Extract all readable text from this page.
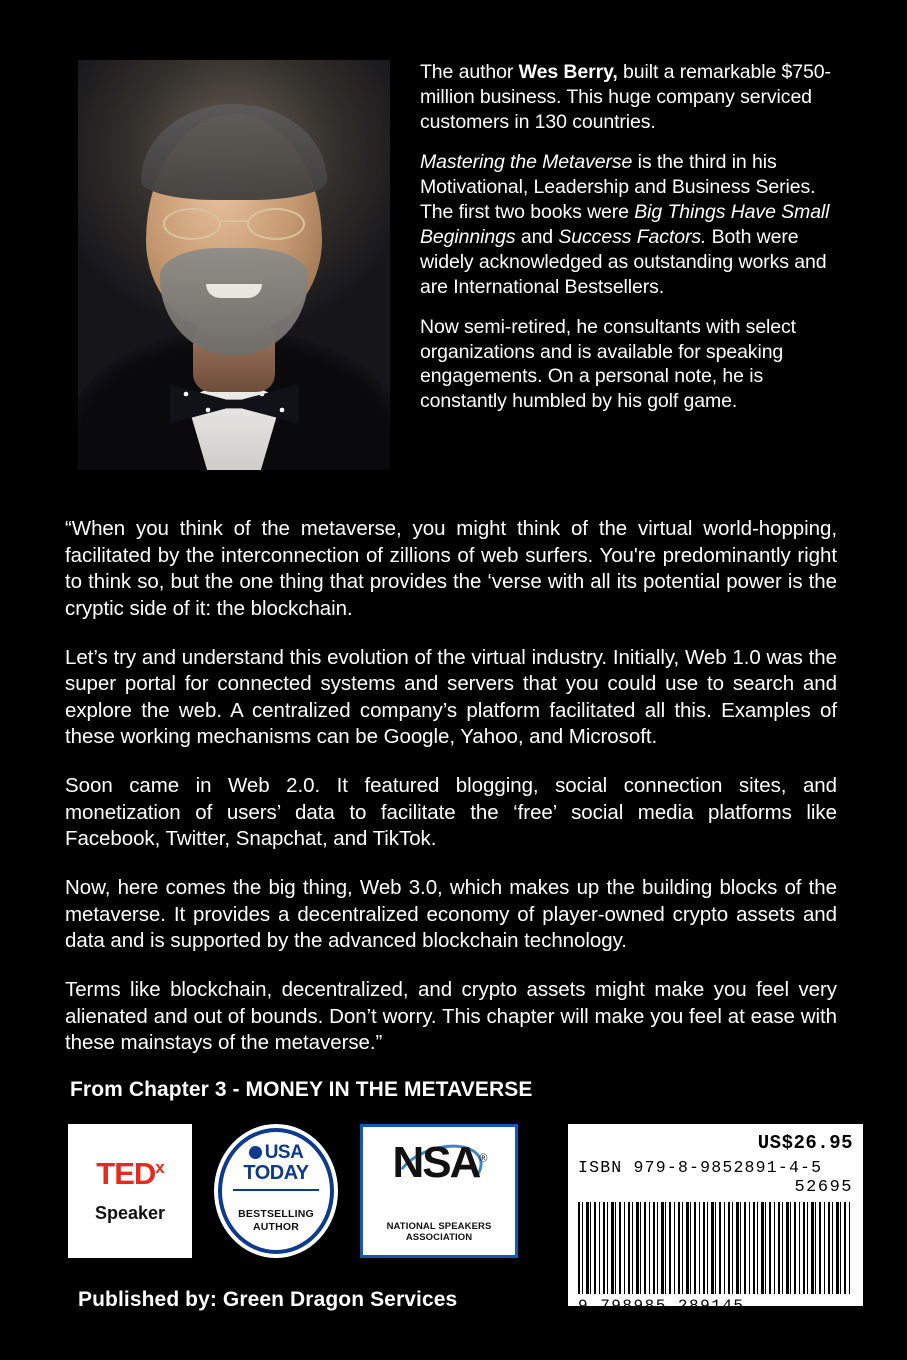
The author Wes Berry, built a remarkable $750-million business. This huge company serviced customers in 130 countries.

Mastering the Metaverse is the third in his Motivational, Leadership and Business Series. The first two books were Big Things Have Small Beginnings and Success Factors. Both were widely acknowledged as outstanding works and are International Bestsellers.

Now semi-retired, he consultants with select organizations and is available for speaking engagements. On a personal note, he is constantly humbled by his golf game.

“When you think of the metaverse, you might think of the virtual world-hopping, facilitated by the interconnection of zillions of web surfers. You're predominantly right to think so, but the one thing that provides the ‘verse with all its potential power is the cryptic side of it: the blockchain.

Let’s try and understand this evolution of the virtual industry. Initially, Web 1.0 was the super portal for connected systems and servers that you could use to search and explore the web. A centralized company’s platform facilitated all this. Examples of these working mechanisms can be Google, Yahoo, and Microsoft.

Soon came in Web 2.0. It featured blogging, social connection sites, and monetization of users’ data to facilitate the ‘free’ social media platforms like Facebook, Twitter, Snapchat, and TikTok.

Now, here comes the big thing, Web 3.0, which makes up the building blocks of the metaverse. It provides a decentralized economy of player-owned crypto assets and data and is supported by the advanced blockchain technology.

Terms like blockchain, decentralized, and crypto assets might make you feel very alienated and out of bounds. Don’t worry. This chapter will make you feel at ease with these mainstays of the metaverse.”

From Chapter 3 - MONEY IN THE METAVERSE
TED$^x$
Speaker
USA
TODAY
BESTSELLING
AUTHOR
NSA®
NATIONAL SPEAKERS ASSOCIATION
US$26.95
ISBN 979-8-9852891-4-5
52695
9 798985 289145
Published by: Green Dragon Services
